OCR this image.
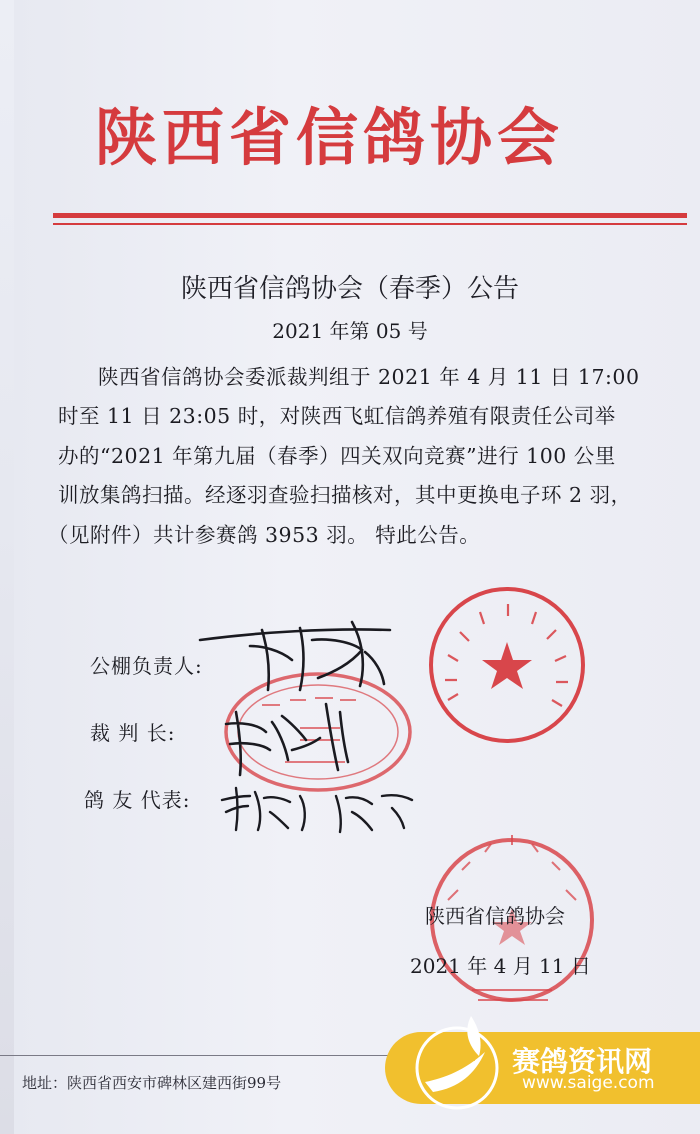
陕西省信鸽协会
陕西省信鸽协会（春季）公告
2021 年第 05 号
陕西省信鸽协会委派裁判组于 2021 年 4 月 11 日 17:00
时至 11 日 23:05 时，对陕西飞虹信鸽养殖有限责任公司举
办的“2021 年第九届（春季）四关双向竞赛”进行 100 公里
训放集鸽扫描。经逐羽查验扫描核对，其中更换电子环 2 羽，
（见附件）共计参赛鸽 3953 羽。 特此公告。
公棚负责人:
裁 判 长:
鸽 友 代表:
陕西省信鸽协会
2021 年 4 月 11 日
地址：陕西省西安市碑林区建西街99号
赛鸽资讯网
www.saige.com
